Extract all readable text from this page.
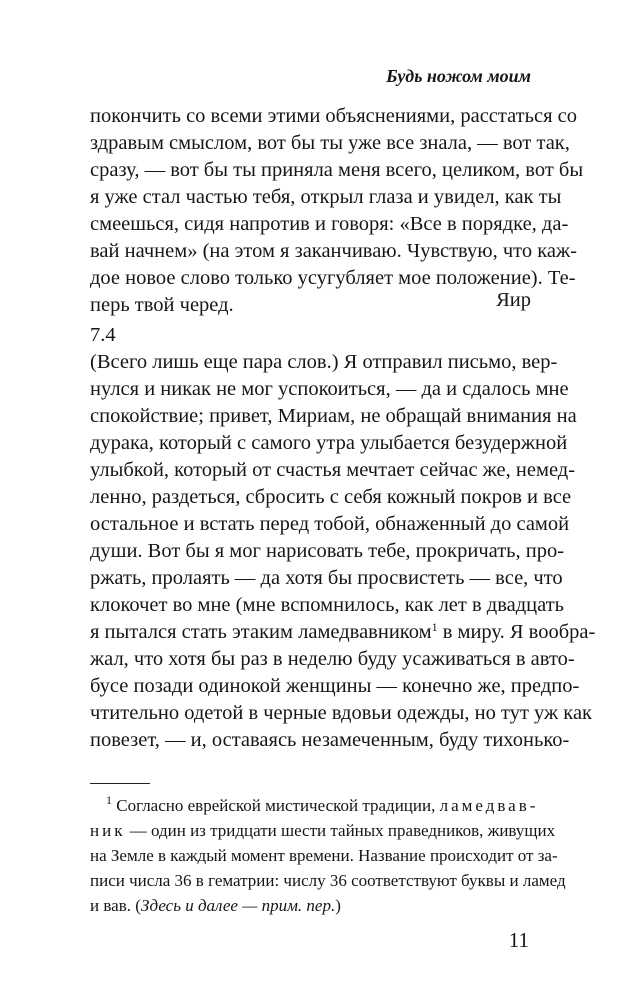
Будь ножом моим
покончить со всеми этими объяснениями, расстаться со
здравым смыслом, вот бы ты уже все знала, — вот так,
сразу, — вот бы ты приняла меня всего, целиком, вот бы
я уже стал частью тебя, открыл глаза и увидел, как ты
смеешься, сидя напротив и говоря: «Все в порядке, да-
вай начнем» (на этом я заканчиваю. Чувствую, что каж-
дое новое слово только усугубляет мое положение). Те-
перь твой черед.	Яир
7.4
(Всего лишь еще пара слов.) Я отправил письмо, вер-
нулся и никак не мог успокоиться, — да и сдалось мне
спокойствие; привет, Мириам, не обращай внимания на
дурака, который с самого утра улыбается безудержной
улыбкой, который от счастья мечтает сейчас же, немед-
ленно, раздеться, сбросить с себя кожный покров и все
остальное и встать перед тобой, обнаженный до самой
души. Вот бы я мог нарисовать тебе, прокричать, про-
ржать, пролаять — да хотя бы просвистеть — все, что
клокочет во мне (мне вспомнилось, как лет в двадцать
я пытался стать этаким ламедвавником$^1$ в миру. Я вообра-
жал, что хотя бы раз в неделю буду усаживаться в авто-
бусе позади одинокой женщины — конечно же, предпо-
чтительно одетой в черные вдовьи одежды, но тут уж как
повезет, — и, оставаясь незамеченным, буду тихонько-
$^1$ Согласно еврейской мистической традиции, ламедвав-
ник — один из тридцати шести тайных праведников, живущих
на Земле в каждый момент времени. Название происходит от за-
писи числа 36 в гематрии: числу 36 соответствуют буквы и ламед
и вав. (Здесь и далее — прим. пер.)
11
